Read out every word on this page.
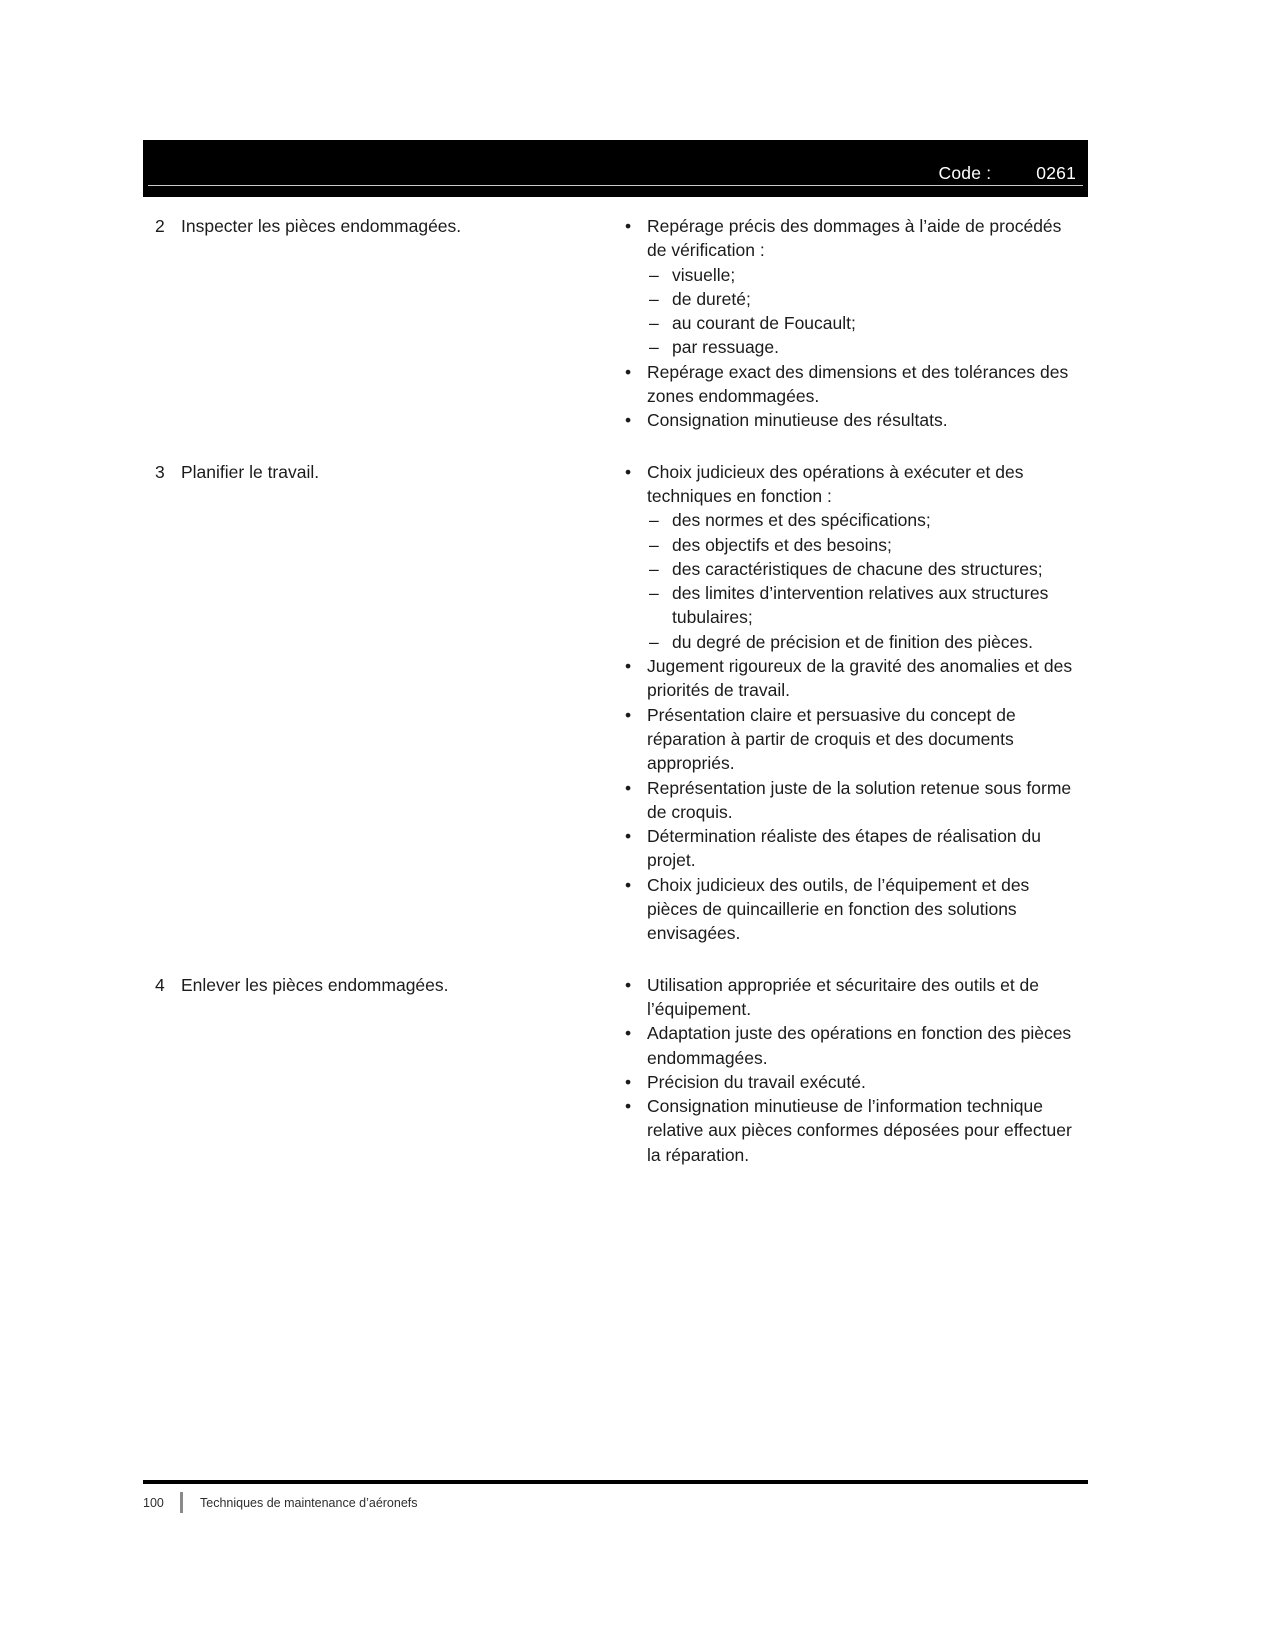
Code :	0261
2 Inspecter les pièces endommagées.	• Repérage précis des dommages à l’aide de procédés de vérification :
– visuelle;
– de dureté;
– au courant de Foucault;
– par ressuage.
• Repérage exact des dimensions et des tolérances des zones endommagées.
• Consignation minutieuse des résultats.
3 Planifier le travail.	• Choix judicieux des opérations à exécuter et des techniques en fonction :
– des normes et des spécifications;
– des objectifs et des besoins;
– des caractéristiques de chacune des structures;
– des limites d’intervention relatives aux structures tubulaires;
– du degré de précision et de finition des pièces.
• Jugement rigoureux de la gravité des anomalies et des priorités de travail.
• Présentation claire et persuasive du concept de réparation à partir de croquis et des documents appropriés.
• Représentation juste de la solution retenue sous forme de croquis.
• Détermination réaliste des étapes de réalisation du projet.
• Choix judicieux des outils, de l’équipement et des pièces de quincaillerie en fonction des solutions envisagées.
4 Enlever les pièces endommagées.	• Utilisation appropriée et sécuritaire des outils et de l’équipement.
• Adaptation juste des opérations en fonction des pièces endommagées.
• Précision du travail exécuté.
• Consignation minutieuse de l’information technique relative aux pièces conformes déposées pour effectuer la réparation.
100	Techniques de maintenance d’aéronefs
